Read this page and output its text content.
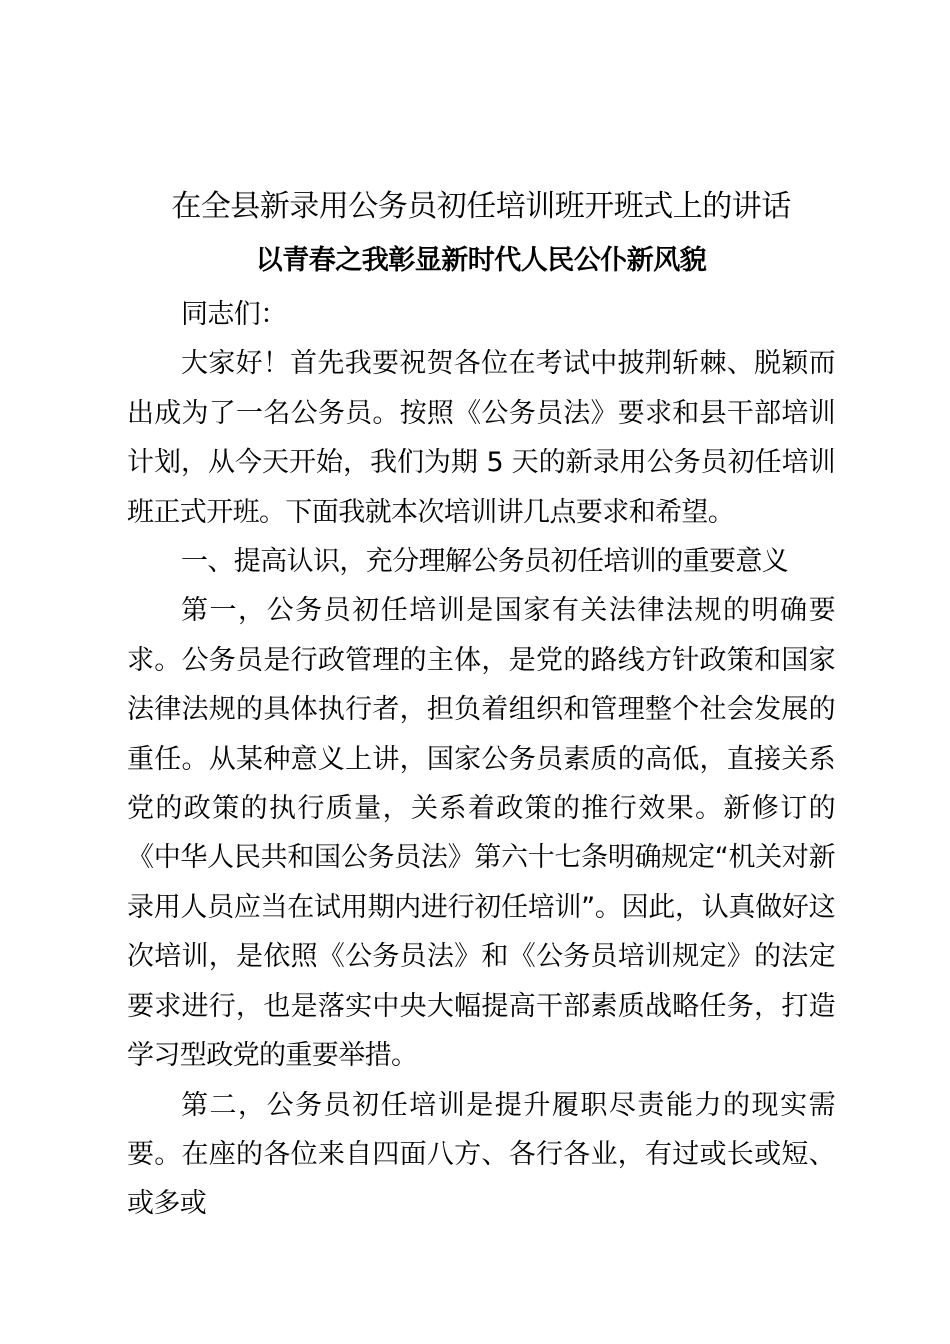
在全县新录用公务员初任培训班开班式上的讲话
以青春之我彰显新时代人民公仆新风貌

同志们：

大家好！首先我要祝贺各位在考试中披荆斩棘、脱颖而出成为了一名公务员。按照《公务员法》要求和县干部培训计划，从今天开始，我们为期 5 天的新录用公务员初任培训班正式开班。下面我就本次培训讲几点要求和希望。

一、提高认识，充分理解公务员初任培训的重要意义

第一，公务员初任培训是国家有关法律法规的明确要求。公务员是行政管理的主体，是党的路线方针政策和国家法律法规的具体执行者，担负着组织和管理整个社会发展的重任。从某种意义上讲，国家公务员素质的高低，直接关系党的政策的执行质量，关系着政策的推行效果。新修订的《中华人民共和国公务员法》第六十七条明确规定“机关对新录用人员应当在试用期内进行初任培训”。因此，认真做好这次培训，是依照《公务员法》和《公务员培训规定》的法定要求进行，也是落实中央大幅提高干部素质战略任务，打造学习型政党的重要举措。

第二，公务员初任培训是提升履职尽责能力的现实需要。在座的各位来自四面八方、各行各业，有过或长或短、或多或
